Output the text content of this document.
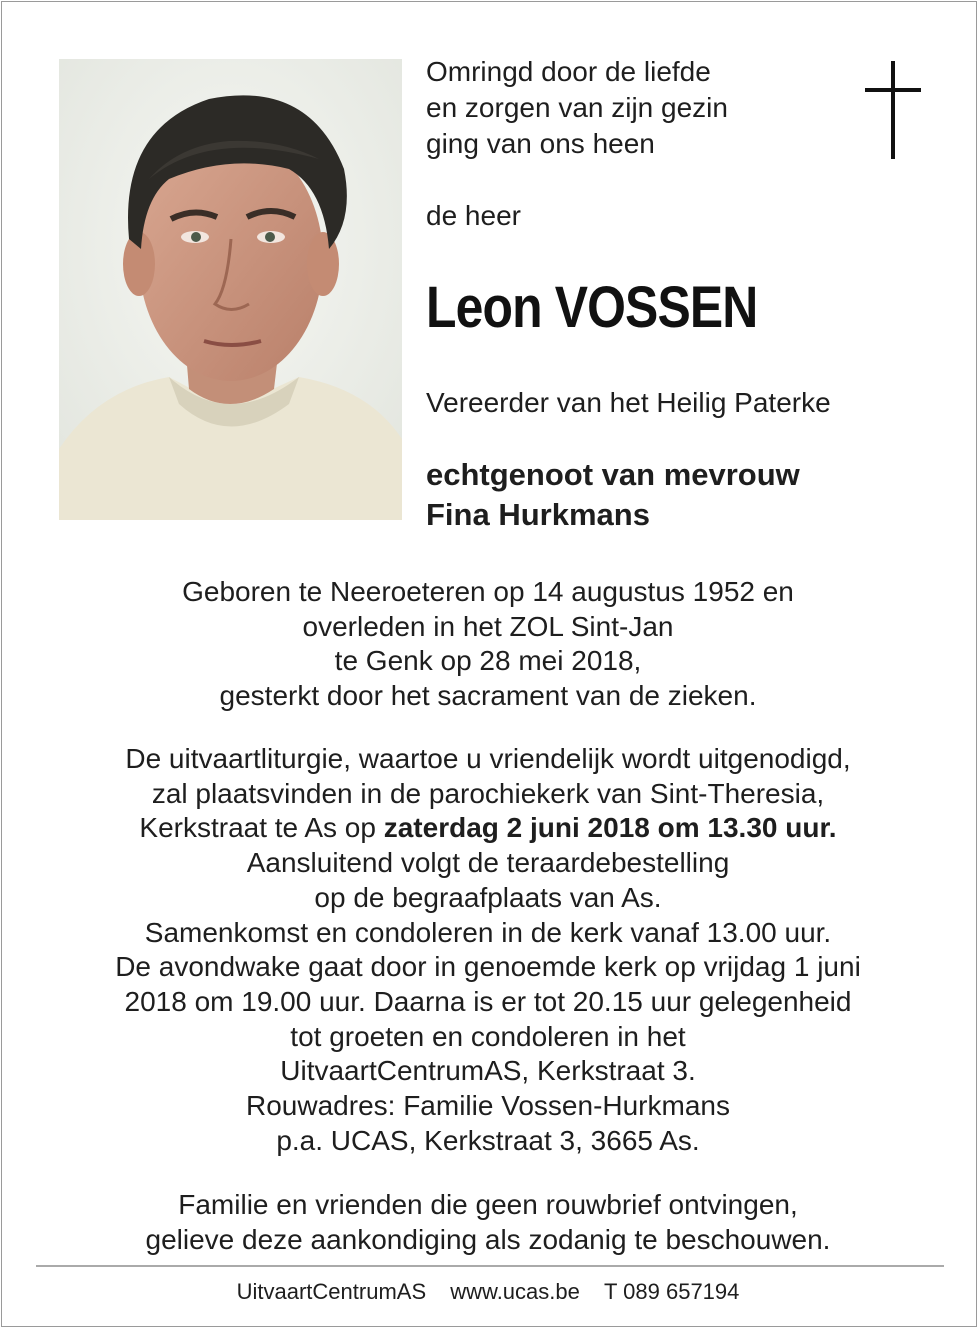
Omringd door de liefde
en zorgen van zijn gezin
ging van ons heen
de heer
Leon VOSSEN
Vereerder van het Heilig Paterke
echtgenoot van mevrouw
Fina Hurkmans
Geboren te Neeroeteren op 14 augustus 1952 en
overleden in het ZOL Sint-Jan
te Genk op 28 mei 2018,
gesterkt door het sacrament van de zieken.
De uitvaartliturgie, waartoe u vriendelijk wordt uitgenodigd,
zal plaatsvinden in de parochiekerk van Sint-Theresia,
Kerkstraat te As op zaterdag 2 juni 2018 om 13.30 uur.
Aansluitend volgt de teraardebestelling
op de begraafplaats van As.
Samenkomst en condoleren in de kerk vanaf 13.00 uur.
De avondwake gaat door in genoemde kerk op vrijdag 1 juni
2018 om 19.00 uur. Daarna is er tot 20.15 uur gelegenheid
tot groeten en condoleren in het
UitvaartCentrumAS, Kerkstraat 3.
Rouwadres: Familie Vossen-Hurkmans
p.a. UCAS, Kerkstraat 3, 3665 As.
Familie en vrienden die geen rouwbrief ontvingen,
gelieve deze aankondiging als zodanig te beschouwen.
UitvaartCentrumAS www.ucas.be T 089 657194
